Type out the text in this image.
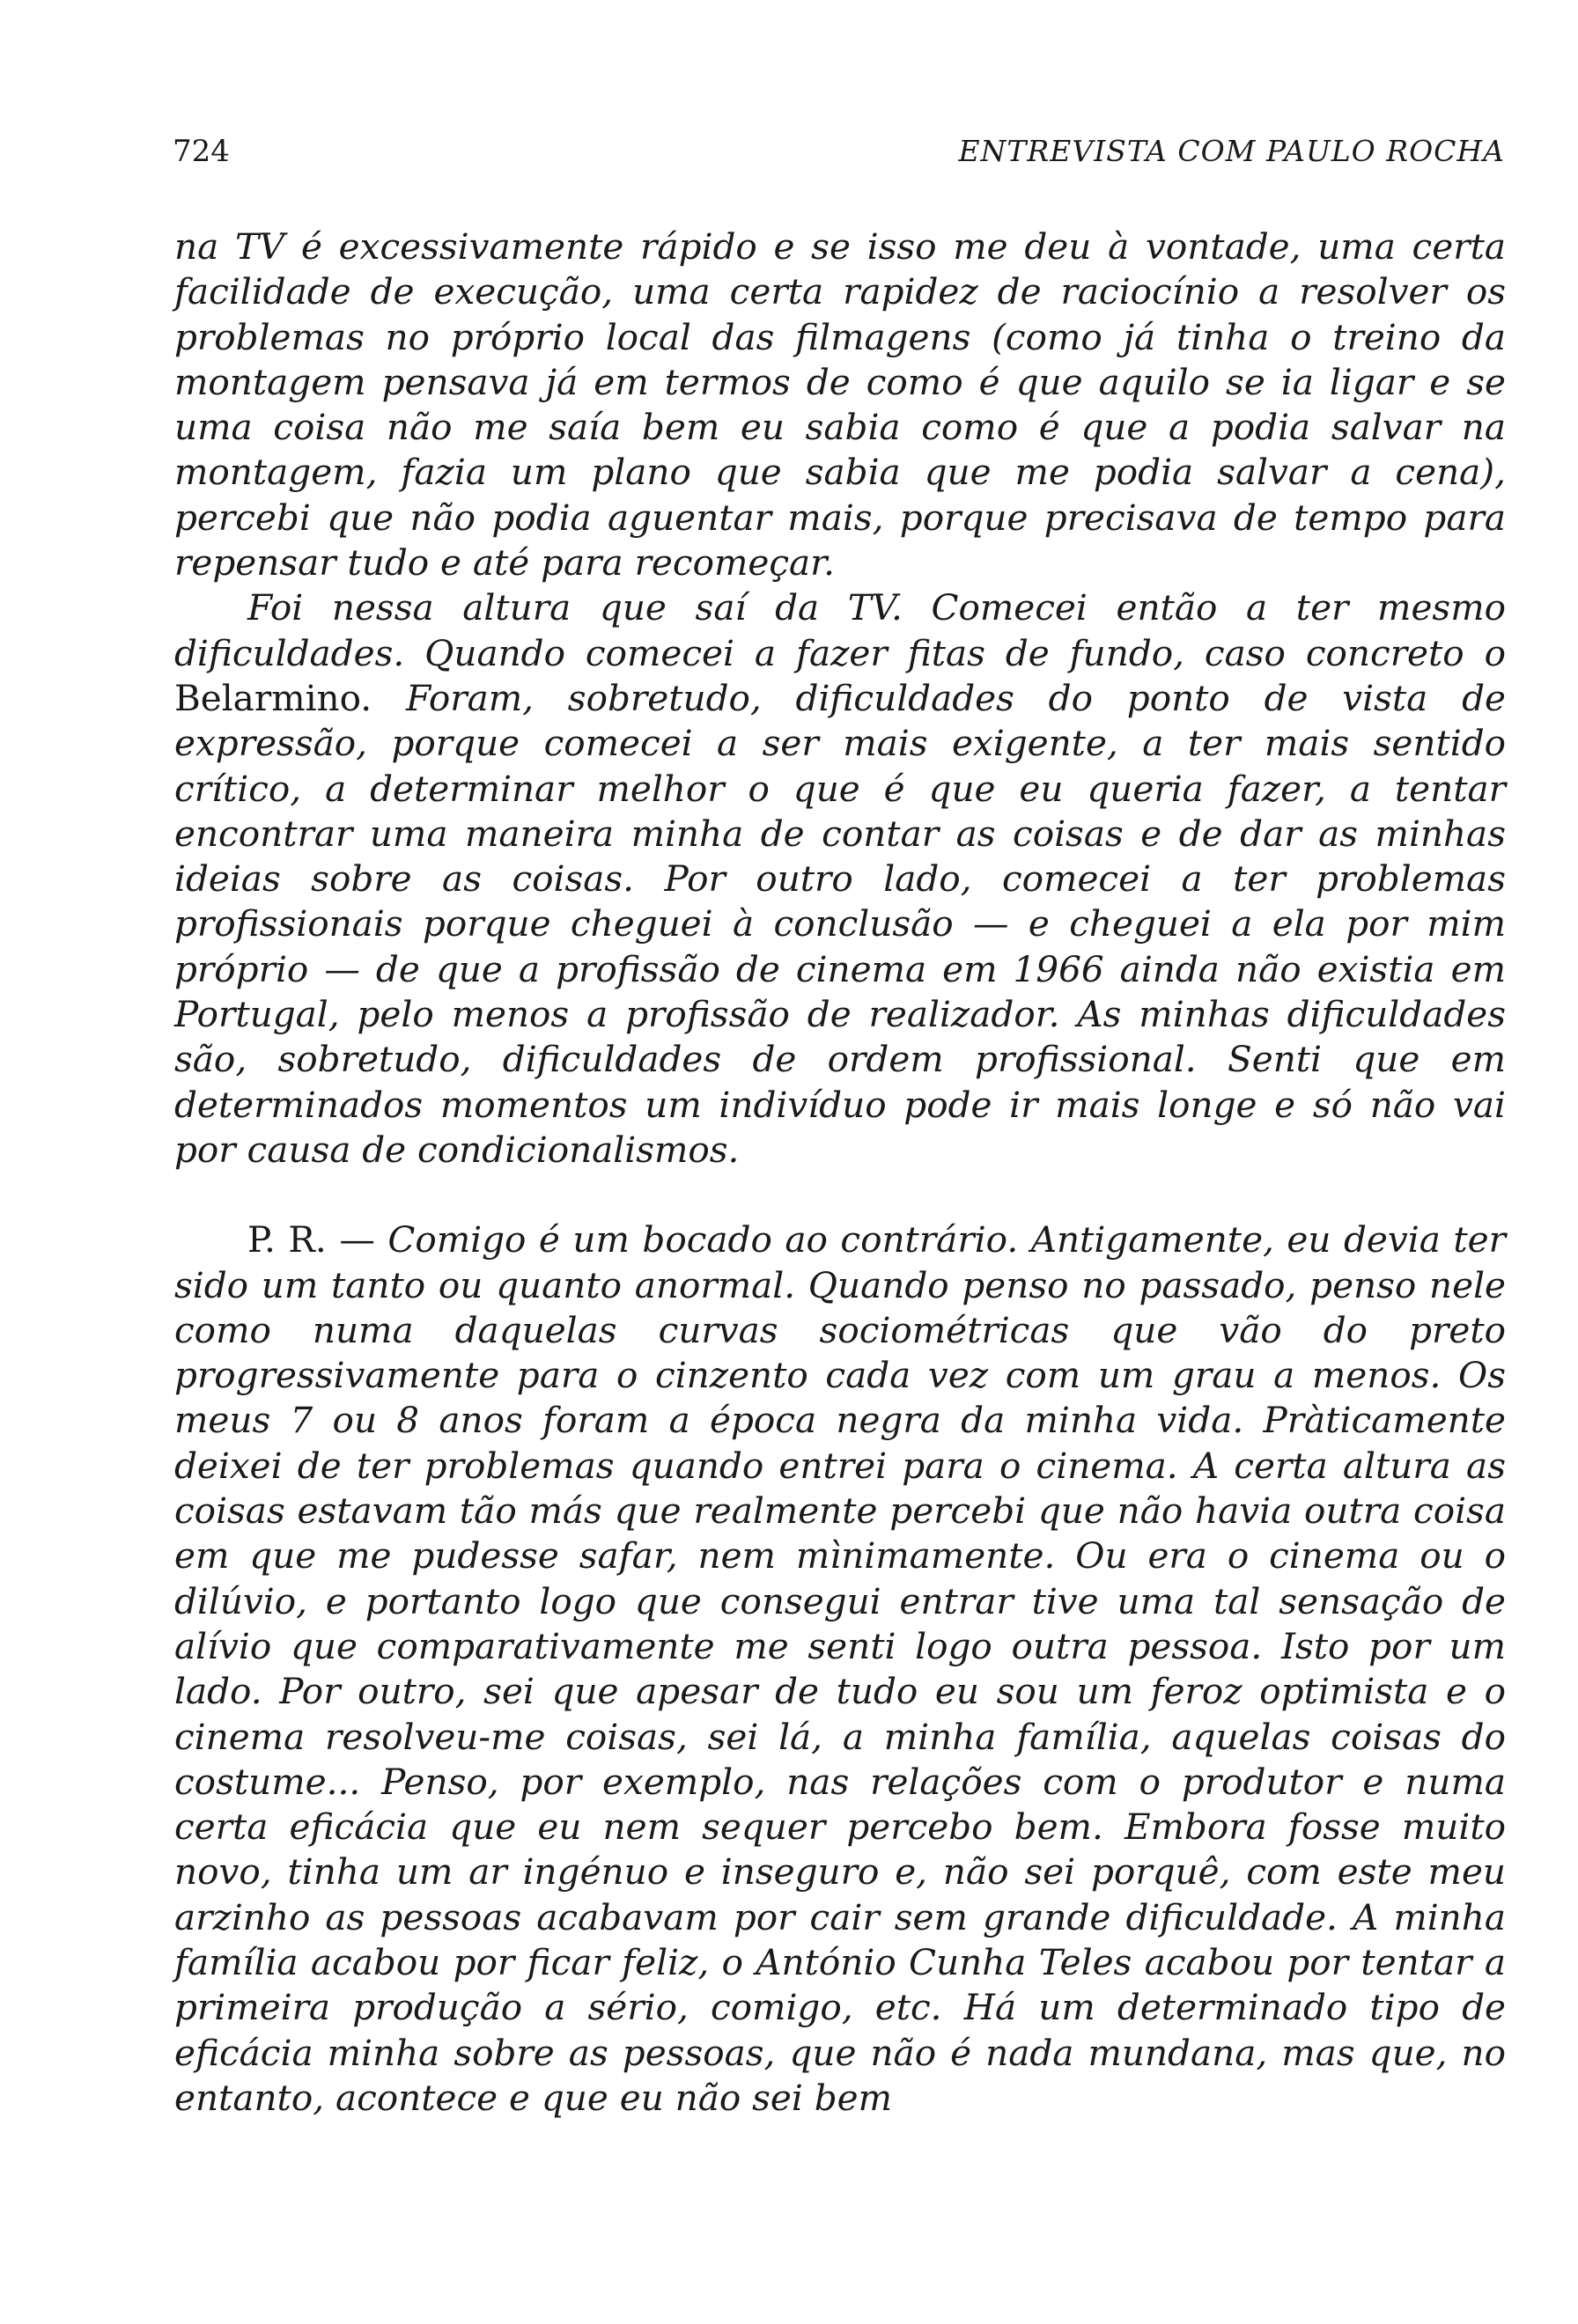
724	ENTREVISTA COM PAULO ROCHA

na TV é excessivamente rápido e se isso me deu à vontade, uma certa facilidade de execução, uma certa rapidez de raciocínio a resolver os problemas no próprio local das filmagens (como já tinha o treino da montagem pensava já em termos de como é que aquilo se ia ligar e se uma coisa não me saía bem eu sabia como é que a podia salvar na montagem, fazia um plano que sabia que me podia salvar a cena), percebi que não podia aguentar mais, porque precisava de tempo para repensar tudo e até para recomeçar.

Foi nessa altura que saí da TV. Comecei então a ter mesmo dificuldades. Quando comecei a fazer fitas de fundo, caso concreto o Belarmino. Foram, sobretudo, dificuldades do ponto de vista de expressão, porque comecei a ser mais exigente, a ter mais sentido crítico, a determinar melhor o que é que eu queria fazer, a tentar encontrar uma maneira minha de contar as coisas e de dar as minhas ideias sobre as coisas. Por outro lado, comecei a ter problemas profissionais porque cheguei à conclusão — e cheguei a ela por mim próprio — de que a profissão de cinema em 1966 ainda não existia em Portugal, pelo menos a profissão de realizador. As minhas dificuldades são, sobretudo, dificuldades de ordem profissional. Senti que em determinados momentos um indivíduo pode ir mais longe e só não vai por causa de condicionalismos.

P. R. — Comigo é um bocado ao contrário. Antigamente, eu devia ter sido um tanto ou quanto anormal. Quando penso no passado, penso nele como numa daquelas curvas sociométricas que vão do preto progressivamente para o cinzento cada vez com um grau a menos. Os meus 7 ou 8 anos foram a época negra da minha vida. Pràticamente deixei de ter problemas quando entrei para o cinema. A certa altura as coisas estavam tão más que realmente percebi que não havia outra coisa em que me pudesse safar, nem mìnimamente. Ou era o cinema ou o dilúvio, e portanto logo que consegui entrar tive uma tal sensação de alívio que comparativamente me senti logo outra pessoa. Isto por um lado. Por outro, sei que apesar de tudo eu sou um feroz optimista e o cinema resolveu-me coisas, sei lá, a minha família, aquelas coisas do costume... Penso, por exemplo, nas relações com o produtor e numa certa eficácia que eu nem sequer percebo bem. Embora fosse muito novo, tinha um ar ingénuo e inseguro e, não sei porquê, com este meu arzinho as pessoas acabavam por cair sem grande dificuldade. A minha família acabou por ficar feliz, o António Cunha Teles acabou por tentar a primeira produção a sério, comigo, etc. Há um determinado tipo de eficácia minha sobre as pessoas, que não é nada mundana, mas que, no entanto, acontece e que eu não sei bem
